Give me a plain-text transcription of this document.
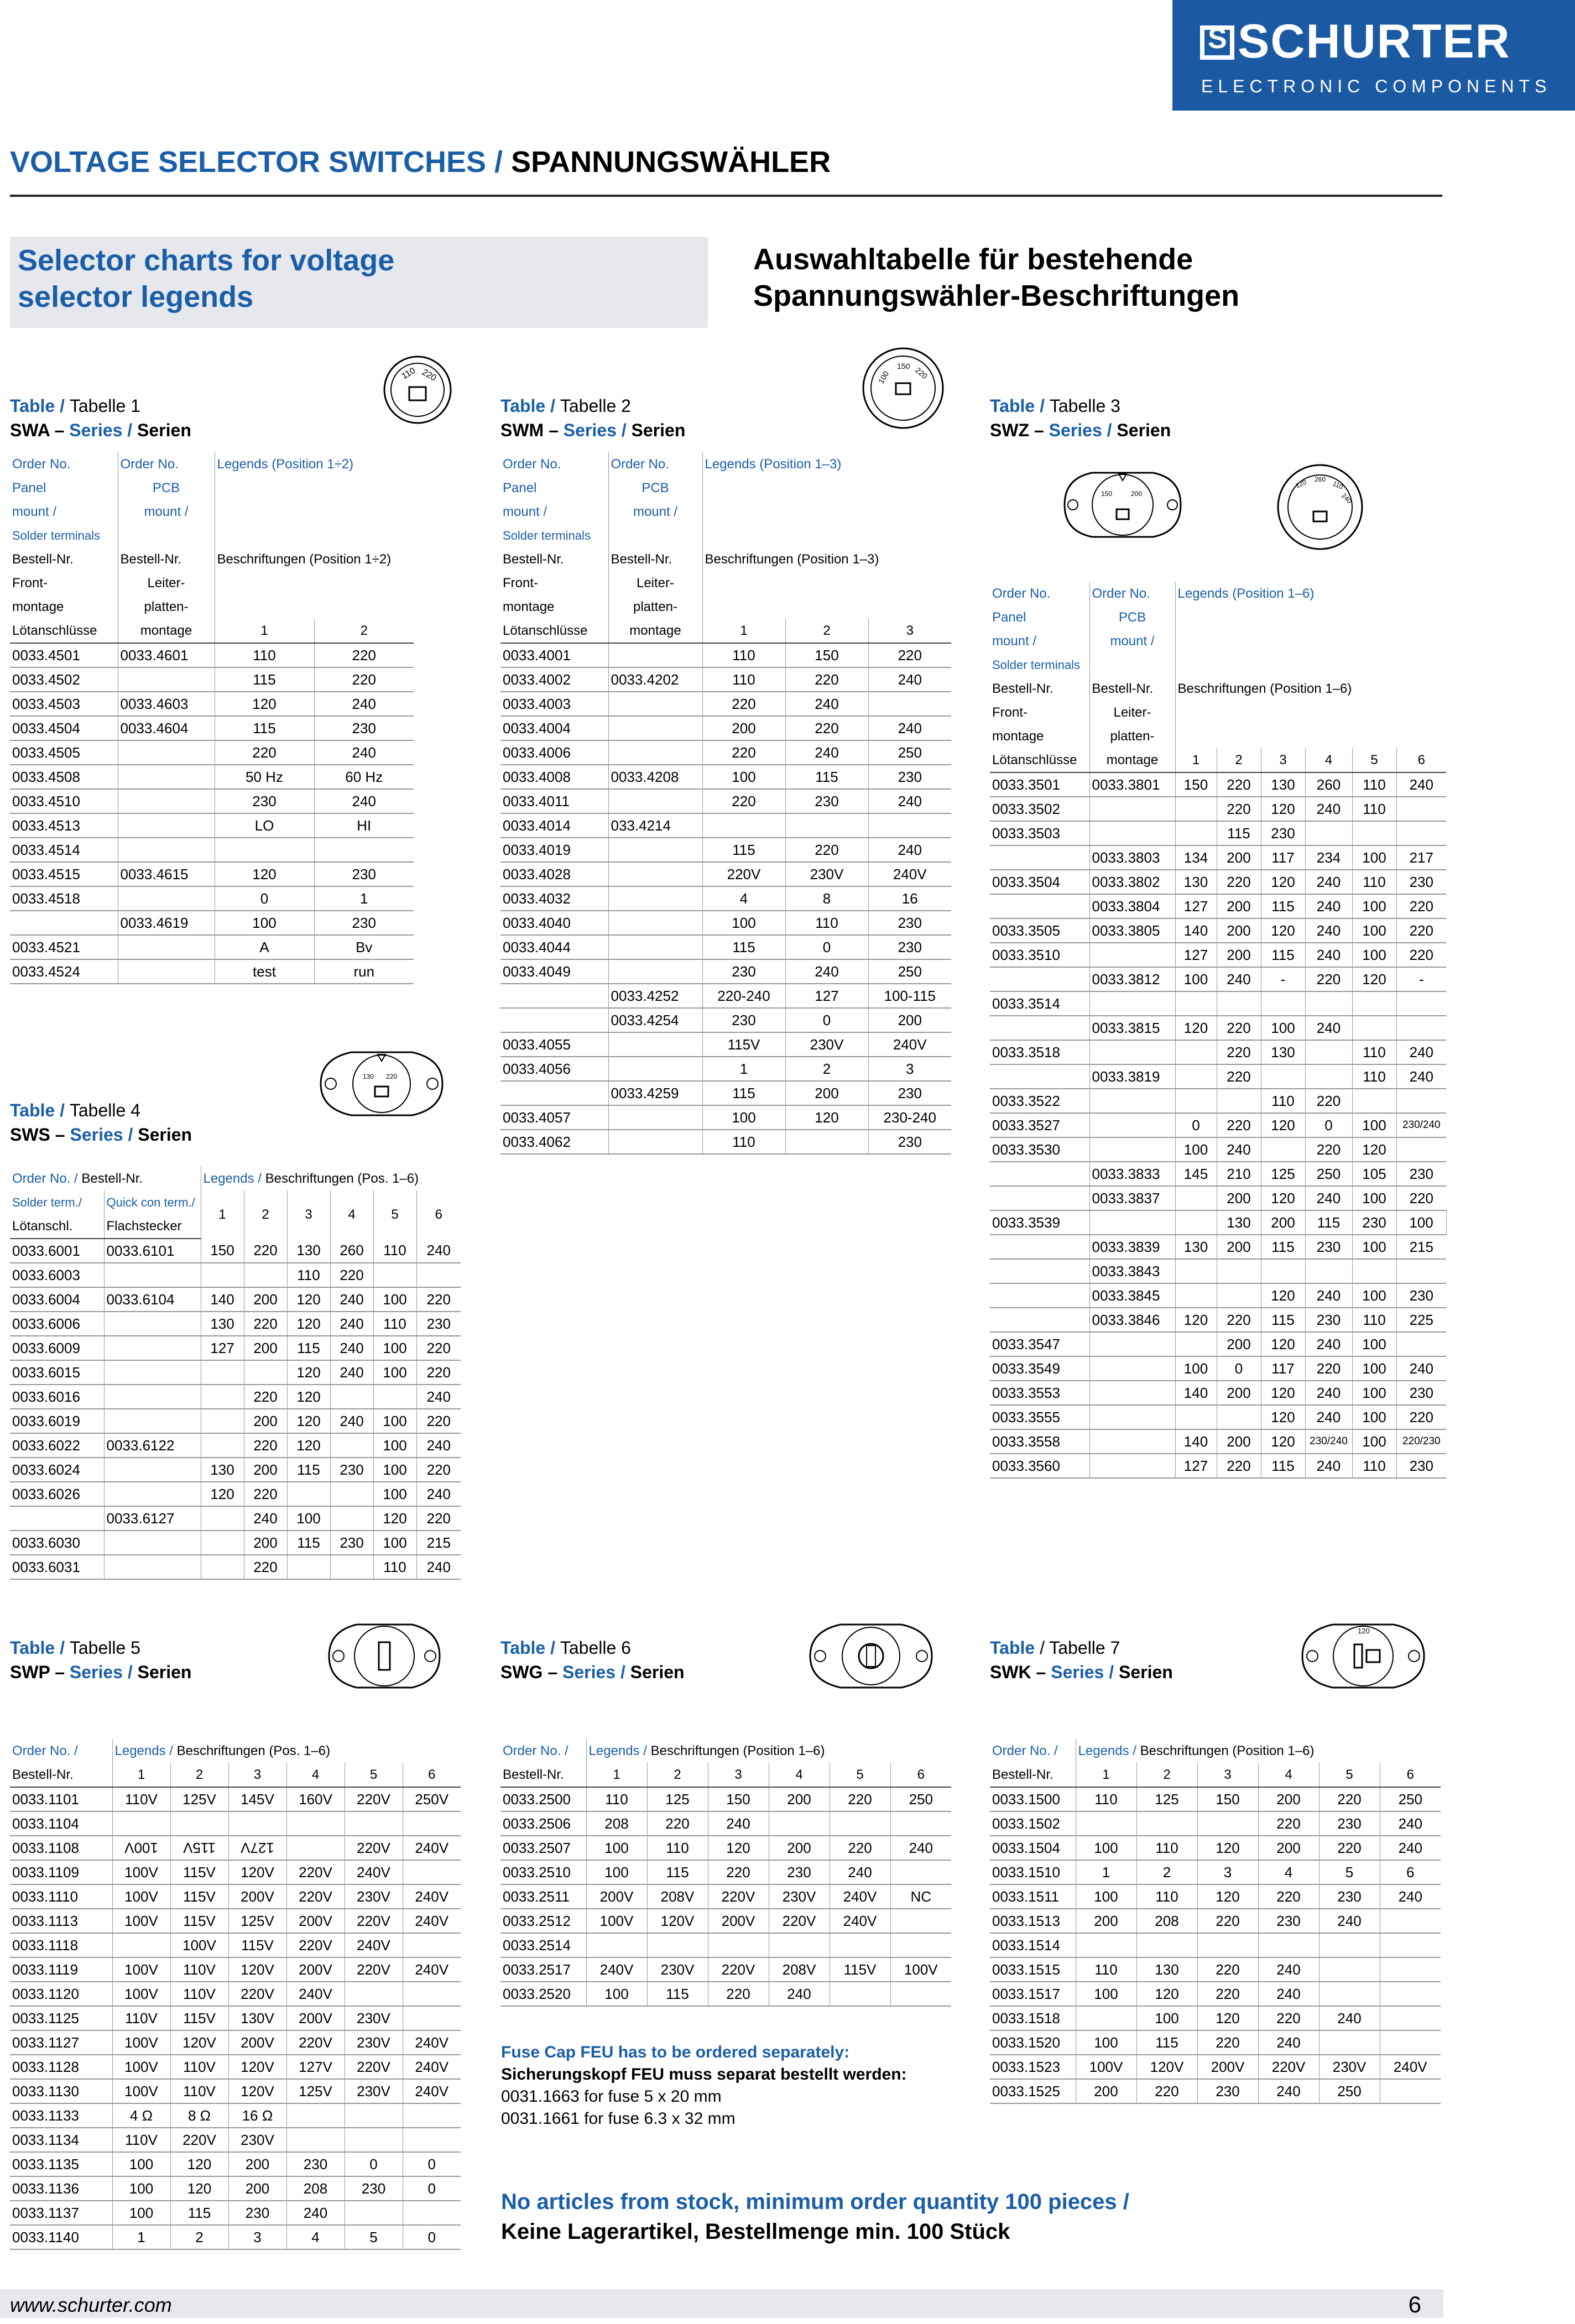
SSCHURTER
ELECTRONIC COMPONENTS
VOLTAGE SELECTOR SWITCHES / SPANNUNGSWÄHLER
Selector charts for voltage
selector legends
Auswahltabelle für bestehende
Spannungswähler-Beschriftungen
Table / Tabelle 1
SWA – Series / Serien
Table / Tabelle 2
SWM – Series / Serien
Table / Tabelle 3
SWZ – Series / Serien
Table / Tabelle 4
SWS – Series / Serien
Table / Tabelle 5
SWP – Series / Serien
Table / Tabelle 6
SWG – Series / Serien
Table / Tabelle 7
SWK – Series / Serien
110 220	100
150 220
150	200
120 260
110
240
130 220
120
Order No.	Order No.	Legends (Position 1÷2)	
Panel	PCB		
mount /	mount /		
Solder terminals			
Bestell-Nr.	Bestell-Nr.	Beschriftungen (Position 1÷2)	
Front-	Leiter-		
montage	platten-		
Lötanschlüsse	montage	1	2
0033.4501	0033.4601	110	220
0033.4502		115	220
0033.4503	0033.4603	120	240
0033.4504	0033.4604	115	230
0033.4505		220	240
0033.4508		50 Hz	60 Hz
0033.4510		230	240
0033.4513		LO	HI
0033.4514			
0033.4515	0033.4615	120	230
0033.4518		0	1
	0033.4619	100	230
0033.4521		A	Bv
0033.4524		test	run
Order No.	Order No.	Legends (Position 1–3)		
Panel	PCB			
mount /	mount /			
Solder terminals				
Bestell-Nr.	Bestell-Nr.	Beschriftungen (Position 1–3)		
Front-	Leiter-			
montage	platten-			
Lötanschlüsse	montage	1	2	3
0033.4001		110	150	220
0033.4002	0033.4202	110	220	240
0033.4003		220	240	
0033.4004		200	220	240
0033.4006		220	240	250
0033.4008	0033.4208	100	115	230
0033.4011		220	230	240
0033.4014	033.4214			
0033.4019		115	220	240
0033.4028		220V	230V	240V
0033.4032		4	8	16
0033.4040		100	110	230
0033.4044		115	0	230
0033.4049		230	240	250
	0033.4252	220-240	127	100-115
	0033.4254	230	0	200
0033.4055		115V	230V	240V
0033.4056		1	2	3
	0033.4259	115	200	230
0033.4057		100	120	230-240
0033.4062		110		230
Order No.	Order No.	Legends (Position 1–6)						
Panel	PCB							
mount /	mount /							
Solder terminals								
Bestell-Nr.	Bestell-Nr.	Beschriftungen (Position 1–6)						
Front-	Leiter-							
montage	platten-							
Lötanschlüsse	montage	1	2	3	4	5	6	
0033.3501	0033.3801	150	220	130	260	110	240	
0033.3502			220	120	240	110		
0033.3503			115	230				
	0033.3803	134	200	117	234	100	217	
0033.3504	0033.3802	130	220	120	240	110	230	
	0033.3804	127	200	115	240	100	220	
0033.3505	0033.3805	140	200	120	240	100	220	
0033.3510		127	200	115	240	100	220	
	0033.3812	100	240	-	220	120	-	
0033.3514								
	0033.3815	120	220	100	240			
0033.3518			220	130		110	240	
	0033.3819		220			110	240	
0033.3522				110	220			
0033.3527		0	220	120	0	100	230/240	
0033.3530		100	240		220	120		
	0033.3833	145	210	125	250	105	230	
	0033.3837		200	120	240	100	220	
0033.3539			130	200	115	230	100	
	0033.3839	130	200	115	230	100	215	
	0033.3843							
	0033.3845			120	240	100	230	
	0033.3846	120	220	115	230	110	225	
0033.3547			200	120	240	100		
0033.3549		100	0	117	220	100	240	
0033.3553		140	200	120	240	100	230	
0033.3555				120	240	100	220	
0033.3558		140	200	120	230/240	100	220/230	
0033.3560		127	220	115	240	110	230	
Order No. / Bestell-Nr.		Legends / Beschriftungen (Pos. 1–6)					
Solder term./	Quick con term./	1	2	3	4	5	6
Lötanschl.	Flachstecker						
0033.6001	0033.6101	150	220	130	260	110	240
0033.6003				110	220		
0033.6004	0033.6104	140	200	120	240	100	220
0033.6006		130	220	120	240	110	230
0033.6009		127	200	115	240	100	220
0033.6015				120	240	100	220
0033.6016			220	120			240
0033.6019			200	120	240	100	220
0033.6022	0033.6122		220	120		100	240
0033.6024		130	200	115	230	100	220
0033.6026		120	220			100	240
	0033.6127		240	100		120	220
0033.6030			200	115	230	100	215
0033.6031			220			110	240
Order No. /	Legends / Beschriftungen (Pos. 1–6)					
Bestell-Nr.	1	2	3	4	5	6
0033.1101	110V	125V	145V	160V	220V	250V
0033.1104						
0033.1108	100V	115V	127V		220V	240V
0033.1109	100V	115V	120V	220V	240V	
0033.1110	100V	115V	200V	220V	230V	240V
0033.1113	100V	115V	125V	200V	220V	240V
0033.1118		100V	115V	220V	240V	
0033.1119	100V	110V	120V	200V	220V	240V
0033.1120	100V	110V	220V	240V		
0033.1125	110V	115V	130V	200V	230V	
0033.1127	100V	120V	200V	220V	230V	240V
0033.1128	100V	110V	120V	127V	220V	240V
0033.1130	100V	110V	120V	125V	230V	240V
0033.1133	4 Ω	8 Ω	16 Ω			
0033.1134	110V	220V	230V			
0033.1135	100	120	200	230	0	0
0033.1136	100	120	200	208	230	0
0033.1137	100	115	230	240		
0033.1140	1	2	3	4	5	0
Order No. /	Legends / Beschriftungen (Position 1–6)					
Bestell-Nr.	1	2	3	4	5	6
0033.2500	110	125	150	200	220	250
0033.2506	208	220	240			
0033.2507	100	110	120	200	220	240
0033.2510	100	115	220	230	240	
0033.2511	200V	208V	220V	230V	240V	NC
0033.2512	100V	120V	200V	220V	240V	
0033.2514						
0033.2517	240V	230V	220V	208V	115V	100V
0033.2520	100	115	220	240		
Order No. /	Legends / Beschriftungen (Position 1–6)					
Bestell-Nr.	1	2	3	4	5	6
0033.1500	110	125	150	200	220	250
0033.1502				220	230	240
0033.1504	100	110	120	200	220	240
0033.1510	1	2	3	4	5	6
0033.1511	100	110	120	220	230	240
0033.1513	200	208	220	230	240	
0033.1514						
0033.1515	110	130	220	240		
0033.1517	100	120	220	240		
0033.1518		100	120	220	240	
0033.1520	100	115	220	240		
0033.1523	100V	120V	200V	220V	230V	240V
0033.1525	200	220	230	240	250	
Fuse Cap FEU has to be ordered separately:
Sicherungskopf FEU muss separat bestellt werden:
0031.1663 for fuse 5 x 20 mm
0031.1661 for fuse 6.3 x 32 mm
No articles from stock, minimum order quantity 100 pieces /
Keine Lagerartikel, Bestellmenge min. 100 Stück
www.schurter.com	6
